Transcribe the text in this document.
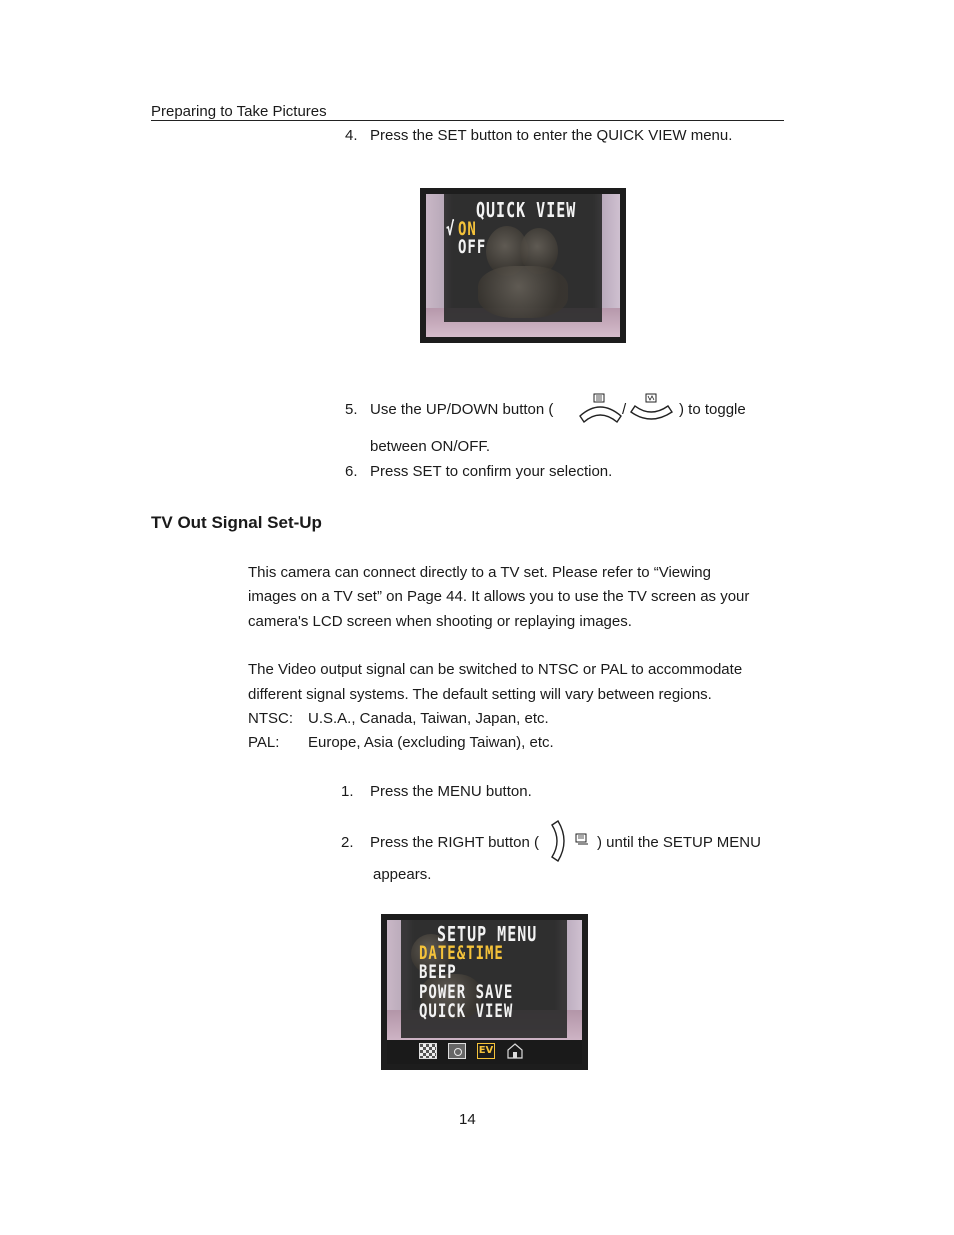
Preparing to Take Pictures
4. Press the SET button to enter the QUICK VIEW menu.
QUICK VIEW
√ ON
OFF
5. Use the UP/DOWN button (	/	) to toggle
between ON/OFF.
6. Press SET to confirm your selection.
TV Out Signal Set-Up
This camera can connect directly to a TV set. Please refer to “Viewing
images on a TV set” on Page 44. It allows you to use the TV screen as your
camera's LCD screen when shooting or replaying images.
The Video output signal can be switched to NTSC or PAL to accommodate
different signal systems. The default setting will vary between regions.
NTSC: U.S.A., Canada, Taiwan, Japan, etc.
PAL: Europe, Asia (excluding Taiwan), etc.
1. Press the MENU button.
2. Press the RIGHT button (	) until the SETUP MENU
appears.
SETUP MENU
DATE&TIME
BEEP
POWER SAVE
QUICK VIEW
EV
14
